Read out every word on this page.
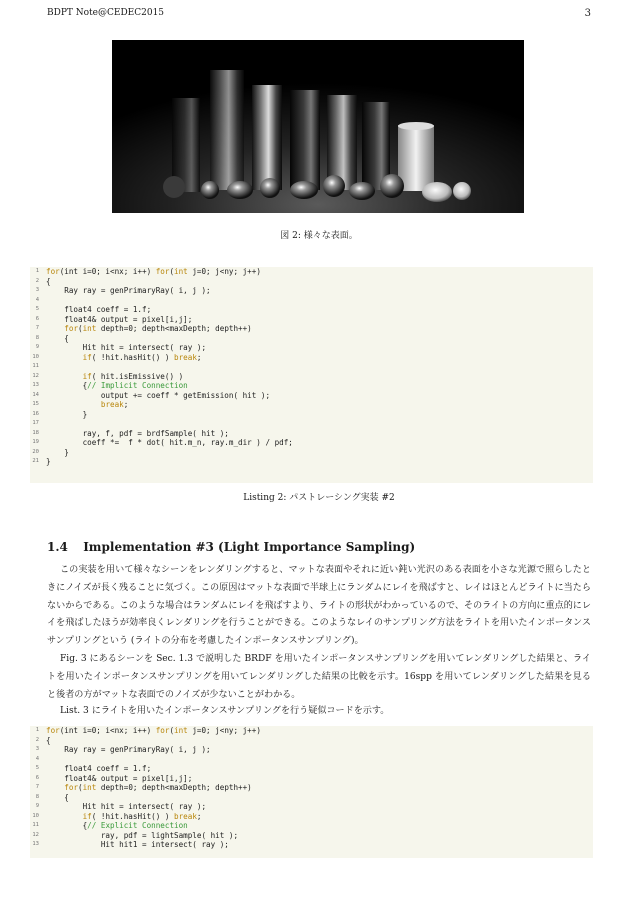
BDPT Note@CEDEC2015	3
図 2: 様々な表面。
1 for(int i=0; i<nx; i++) for(int j=0; j<ny; j++)
2 {
3 Ray ray = genPrimaryRay( i, j );
4
5 float4 coeff = 1.f;
6 float4& output = pixel[i,j];
7	for(int depth=0; depth<maxDepth; depth++)
8 {
9 Hit hit = intersect( ray );
10	if( !hit.hasHit() ) break;
11
12	if( hit.isEmissive() )
13 {// Implicit Connection
14 output += coeff * getEmission( hit );
15	break;
16 }
17
18 ray, f, pdf = brdfSample( hit );
19 coeff *=  f * dot( hit.m_n, ray.m_dir ) / pdf;
20 }
21 }
Listing 2: パストレーシング実装 #2
1.4 Implementation #3 (Light Importance Sampling)

この実装を用いて様々なシーンをレンダリングすると、マットな表面やそれに近い鈍い光沢のある表面を小さな光源で照らしたときにノイズが長く残ることに気づく。この原因はマットな表面で半球上にランダムにレイを飛ばすと、レイはほとんどライトに当たらないからである。このような場合はランダムにレイを飛ばすより、ライトの形状がわかっているので、そのライトの方向に重点的にレイを飛ばしたほうが効率良くレンダリングを行うことができる。このようなレイのサンプリング方法をライトを用いたインポータンスサンプリングという (ライトの分布を考慮したインポータンスサンプリング)。

Fig. 3 にあるシーンを Sec. 1.3 で説明した BRDF を用いたインポータンスサンプリングを用いてレンダリングした結果と、ライトを用いたインポータンスサンプリングを用いてレンダリングした結果の比較を示す。16spp を用いてレンダリングした結果を見ると後者の方がマットな表面でのノイズが少ないことがわかる。

List. 3 にライトを用いたインポータンスサンプリングを行う疑似コードを示す。

1 for(int i=0; i<nx; i++) for(int j=0; j<ny; j++)
2 {
3 Ray ray = genPrimaryRay( i, j );
4
5 float4 coeff = 1.f;
6 float4& output = pixel[i,j];
7	for(int depth=0; depth<maxDepth; depth++)
8 {
9 Hit hit = intersect( ray );
10	if( !hit.hasHit() ) break;
11 {// Explicit Connection
12 ray, pdf = lightSample( hit );
13 Hit hit1 = intersect( ray );
